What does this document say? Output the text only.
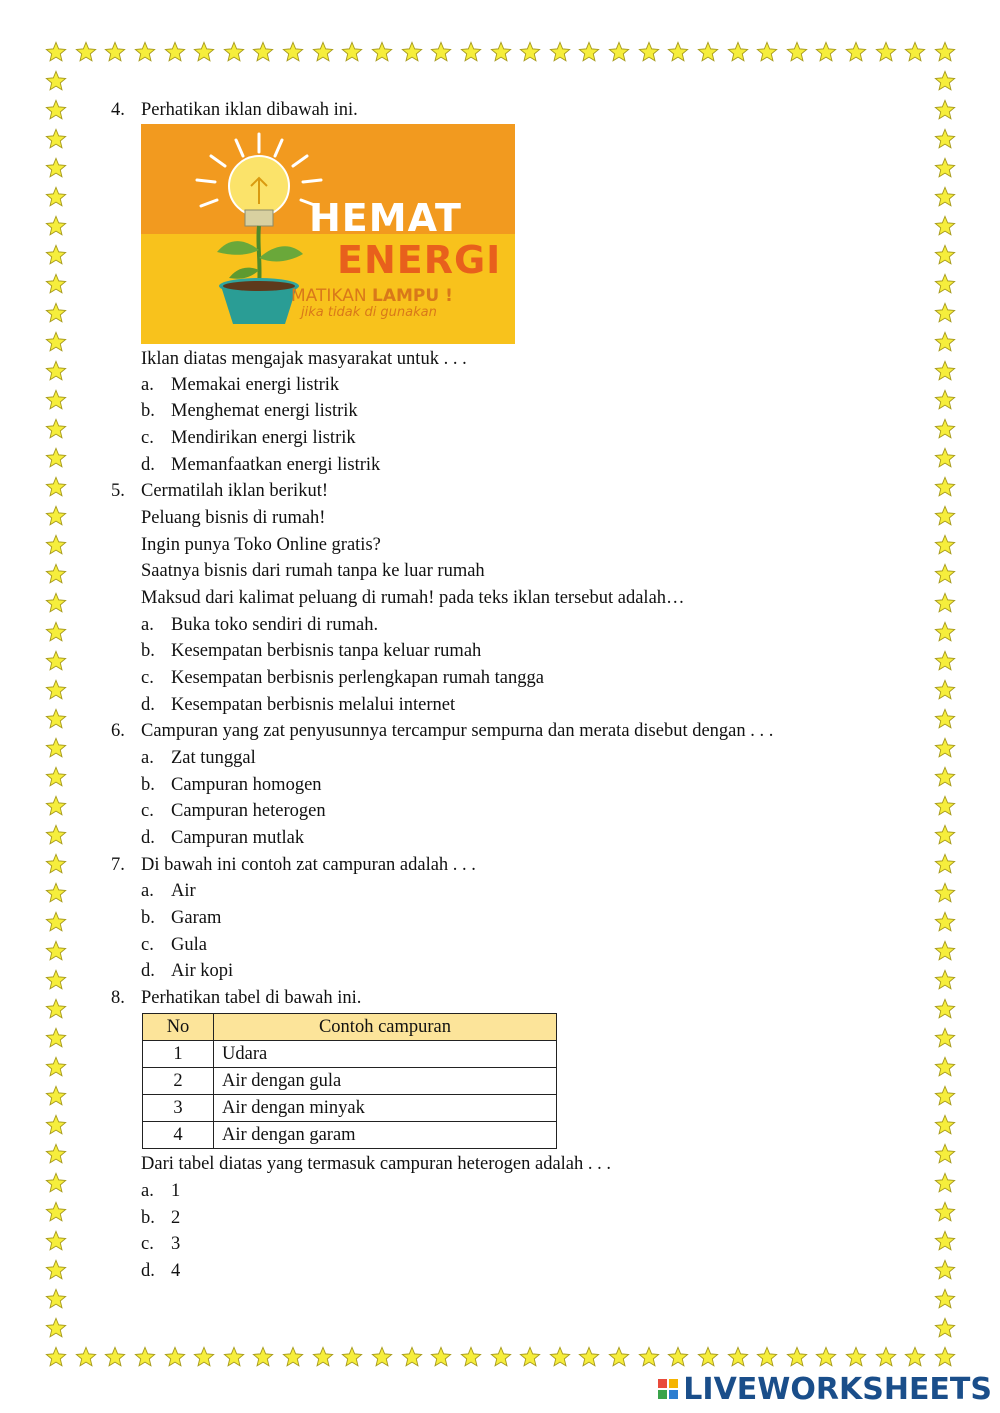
4. Perhatikan iklan dibawah ini.
HEMAT
ENERGI
MATIKAN LAMPU !
jika tidak di gunakan
Iklan diatas mengajak masyarakat untuk . . .
a. Memakai energi listrik
b. Menghemat energi listrik
c. Mendirikan energi listrik
d. Memanfaatkan energi listrik
5. Cermatilah iklan berikut!
Peluang bisnis di rumah!
Ingin punya Toko Online gratis?
Saatnya bisnis dari rumah tanpa ke luar rumah
Maksud dari kalimat peluang di rumah! pada teks iklan tersebut adalah…
a. Buka toko sendiri di rumah.
b. Kesempatan berbisnis tanpa keluar rumah
c. Kesempatan berbisnis perlengkapan rumah tangga
d. Kesempatan berbisnis melalui internet
6. Campuran yang zat penyusunnya tercampur sempurna dan merata disebut dengan . . .
a. Zat tunggal
b. Campuran homogen
c. Campuran heterogen
d. Campuran mutlak
7. Di bawah ini contoh zat campuran adalah . . .
a. Air
b. Garam
c. Gula
d. Air kopi
8. Perhatikan tabel di bawah ini.
No	Contoh campuran
1	Udara
2	Air dengan gula
3	Air dengan minyak
4	Air dengan garam
Dari tabel diatas yang termasuk campuran heterogen adalah . . .
a. 1
b. 2
c. 3
d. 4
LIVEWORKSHEETS
